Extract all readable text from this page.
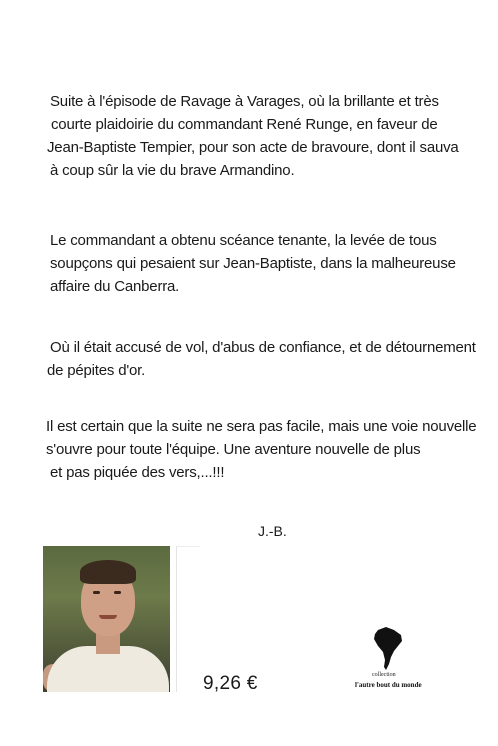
Suite à l'épisode de Ravage à Varages, où la brillante et très
courte plaidoirie du commandant René Runge, en faveur de
Jean-Baptiste Tempier, pour son acte de bravoure, dont il sauva
à coup sûr la vie du brave Armandino.
Le commandant a obtenu scéance tenante, la levée de tous
soupçons qui pesaient sur Jean-Baptiste, dans la malheureuse
affaire du Canberra.
Où il était accusé de vol, d'abus de confiance, et de détournement
de pépites d'or.
Il est certain que la suite ne sera pas facile, mais une voie nouvelle
s'ouvre pour toute l'équipe. Une aventure nouvelle de plus
et pas piquée des vers,...!!!
J.-B.
9,26 €	collection
l'autre bout du monde
